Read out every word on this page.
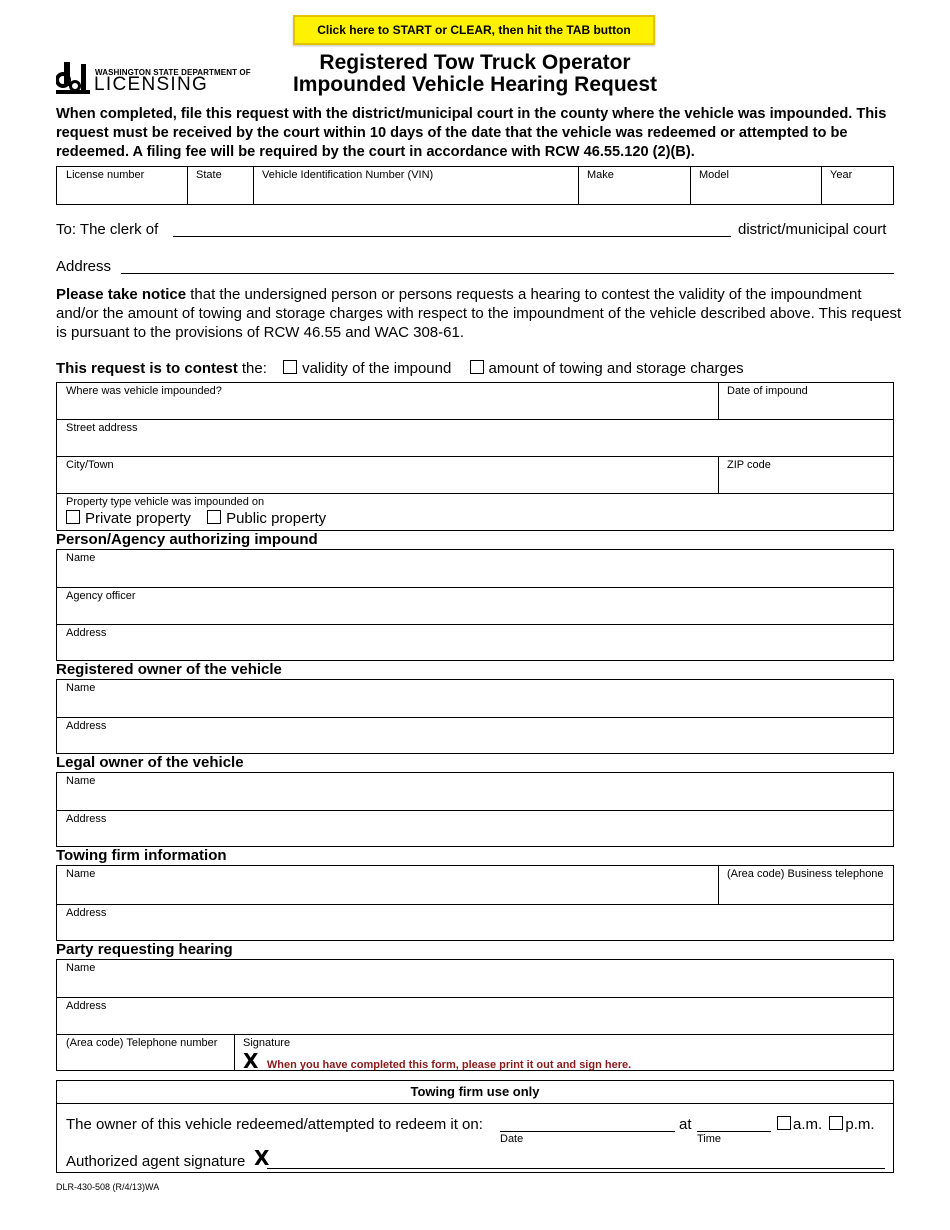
Click here to START or CLEAR, then hit the TAB button
WASHINGTON STATE DEPARTMENT OF
LICENSING
Registered Tow Truck Operator
Impounded Vehicle Hearing Request
When completed, file this request with the district/municipal court in the county where the vehicle was impounded. This request must be received by the court within 10 days of the date that the vehicle was redeemed or attempted to be redeemed. A filing fee will be required by the court in accordance with RCW 46.55.120 (2)(B).
License number	State	Vehicle Identification Number (VIN)	Make	Model	Year
To: The clerk of	district/municipal court
Address
Please take notice that the undersigned person or persons requests a hearing to contest the validity of the impoundment and/or the amount of towing and storage charges with respect to the impoundment of the vehicle described above. This request is pursuant to the provisions of RCW 46.55 and WAC 308-61.
This request is to contest the: validity of the impound amount of towing and storage charges
Where was vehicle impounded?	Date of impound
Street address
City/Town	ZIP code
Property type vehicle was impounded on
Private property Public property
Person/Agency authorizing impound
Name
Agency officer
Address
Registered owner of the vehicle
Name
Address
Legal owner of the vehicle
Name
Address
Towing firm information
Name	(Area code) Business telephone
Address
Party requesting hearing
Name
Address
(Area code) Telephone number	Signature
X When you have completed this form, please print it out and sign here.
Towing firm use only
The owner of this vehicle redeemed/attempted to redeem it on:
Date
at
Time
a.m. p.m.
Authorized agent signature X
DLR-430-508 (R/4/13)WA
